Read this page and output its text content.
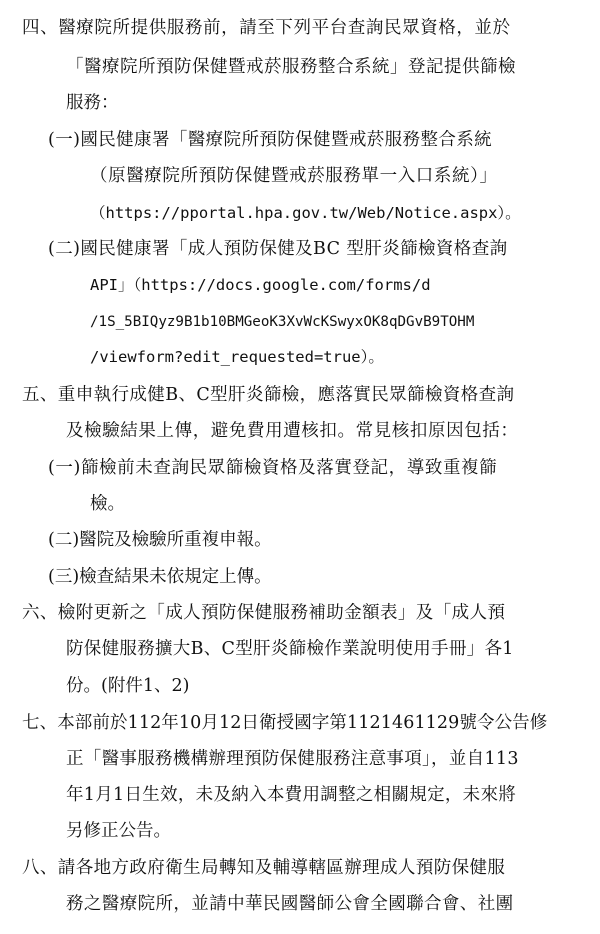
四、醫療院所提供服務前，請至下列平台查詢民眾資格，並於
「醫療院所預防保健暨戒菸服務整合系統」登記提供篩檢
服務：
(一)國民健康署「醫療院所預防保健暨戒菸服務整合系統
（原醫療院所預防保健暨戒菸服務單一入口系統）」
（https://pportal.hpa.gov.tw/Web/Notice.aspx）。
(二)國民健康署「成人預防保健及BC 型肝炎篩檢資格查詢
API」（https://docs.google.com/forms/d
/1S_5BIQyz9B1b10BMGeoK3XvWcKSwyxOK8qDGvB9TOHM
/viewform?edit_requested=true）。
五、重申執行成健B、C型肝炎篩檢，應落實民眾篩檢資格查詢
及檢驗結果上傳，避免費用遭核扣。常見核扣原因包括：
(一)篩檢前未查詢民眾篩檢資格及落實登記，導致重複篩
檢。
(二)醫院及檢驗所重複申報。
(三)檢查結果未依規定上傳。
六、檢附更新之「成人預防保健服務補助金額表」及「成人預
防保健服務擴大B、C型肝炎篩檢作業說明使用手冊」各1
份。(附件1、2)
七、本部前於112年10月12日衛授國字第1121461129號令公告修
正「醫事服務機構辦理預防保健服務注意事項」，並自113
年1月1日生效，未及納入本費用調整之相關規定，未來將
另修正公告。
八、請各地方政府衛生局轉知及輔導轄區辦理成人預防保健服
務之醫療院所，並請中華民國醫師公會全國聯合會、社團
